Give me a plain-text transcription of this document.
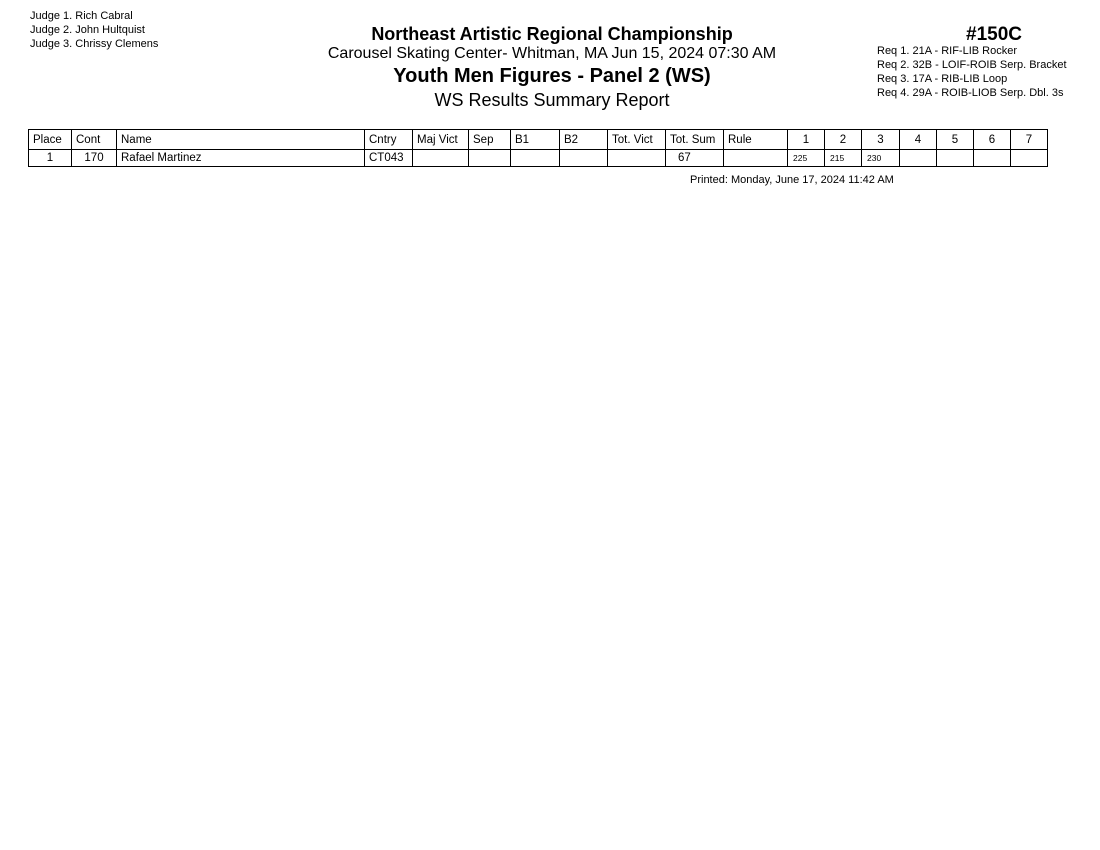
Judge 1. Rich Cabral
Judge 2. John Hultquist
Judge 3. Chrissy Clemens	Northeast Artistic Regional Championship
Carousel Skating Center- Whitman, MA Jun 15, 2024 07:30 AM
Youth Men Figures - Panel 2 (WS)
WS Results Summary Report
#150C
Req 1. 21A - RIF-LIB Rocker
Req 2. 32B - LOIF-ROIB Serp. Bracket
Req 3. 17A - RIB-LIB Loop
Req 4. 29A - ROIB-LIOB Serp. Dbl. 3s
Place	Cont	Name	Cntry	Maj Vict	Sep	B1	B2	Tot. Vict	Tot. Sum	Rule	1	2	3	4	5	6	7
1	170	Rafael Martinez	CT043						67		225	215	230				
Printed: Monday, June 17, 2024 11:42 AM
